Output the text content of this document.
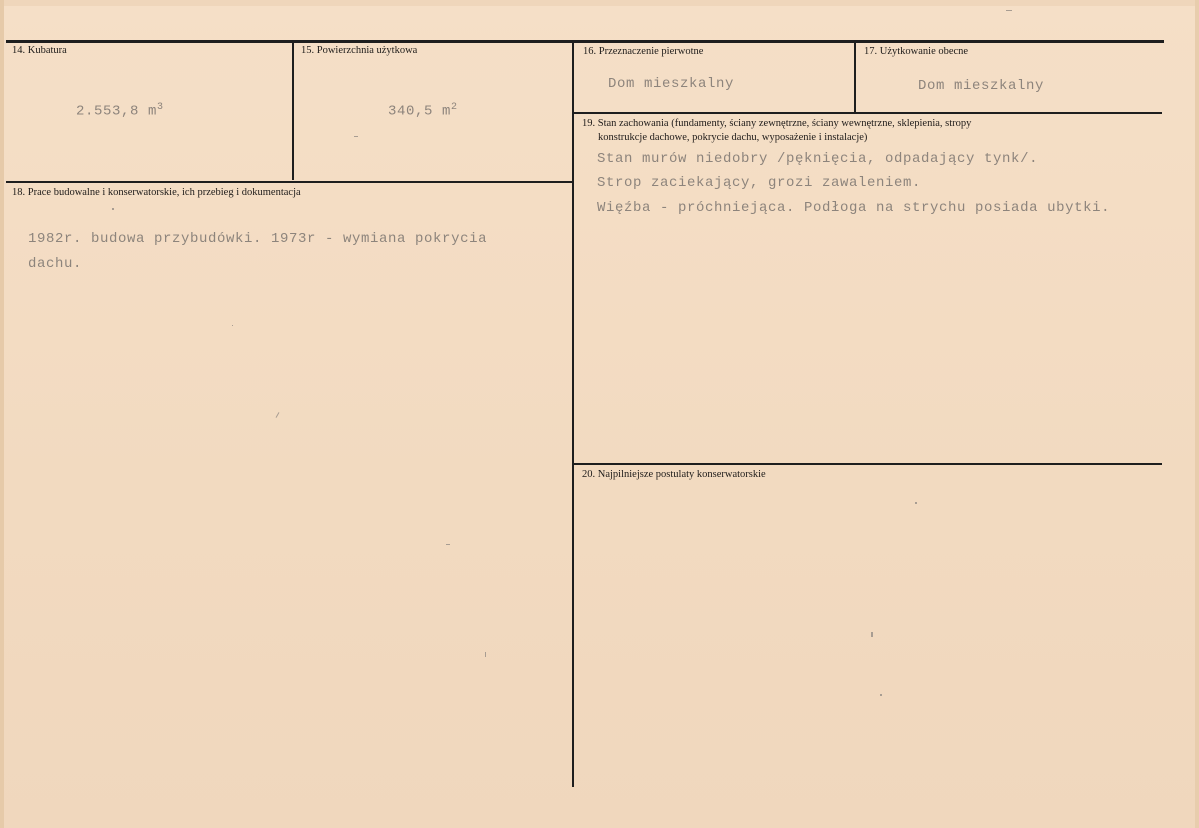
14. Kubatura
2.553,8 $m^3$
15. Powierzchnia użytkowa
340,5 $m^2$
16. Przeznaczenie pierwotne
Dom mieszkalny
17. Użytkowanie obecne
Dom mieszkalny
18. Prace budowalne i konserwatorskie, ich przebieg i dokumentacja
1982r. budowa przybudówki. 1973r - wymiana pokrycia
dachu.
19. Stan zachowania (fundamenty, ściany zewnętrzne, ściany wewnętrzne, sklepienia, stropy
konstrukcje dachowe, pokrycie dachu, wyposażenie i instalacje)
Stan murów niedobry /pęknięcia, odpadający tynk/.
Strop zaciekający, grozi zawaleniem.
Więźba - próchniejąca. Podłoga na strychu posiada ubytki.
20. Najpilniejsze postulaty konserwatorskie
